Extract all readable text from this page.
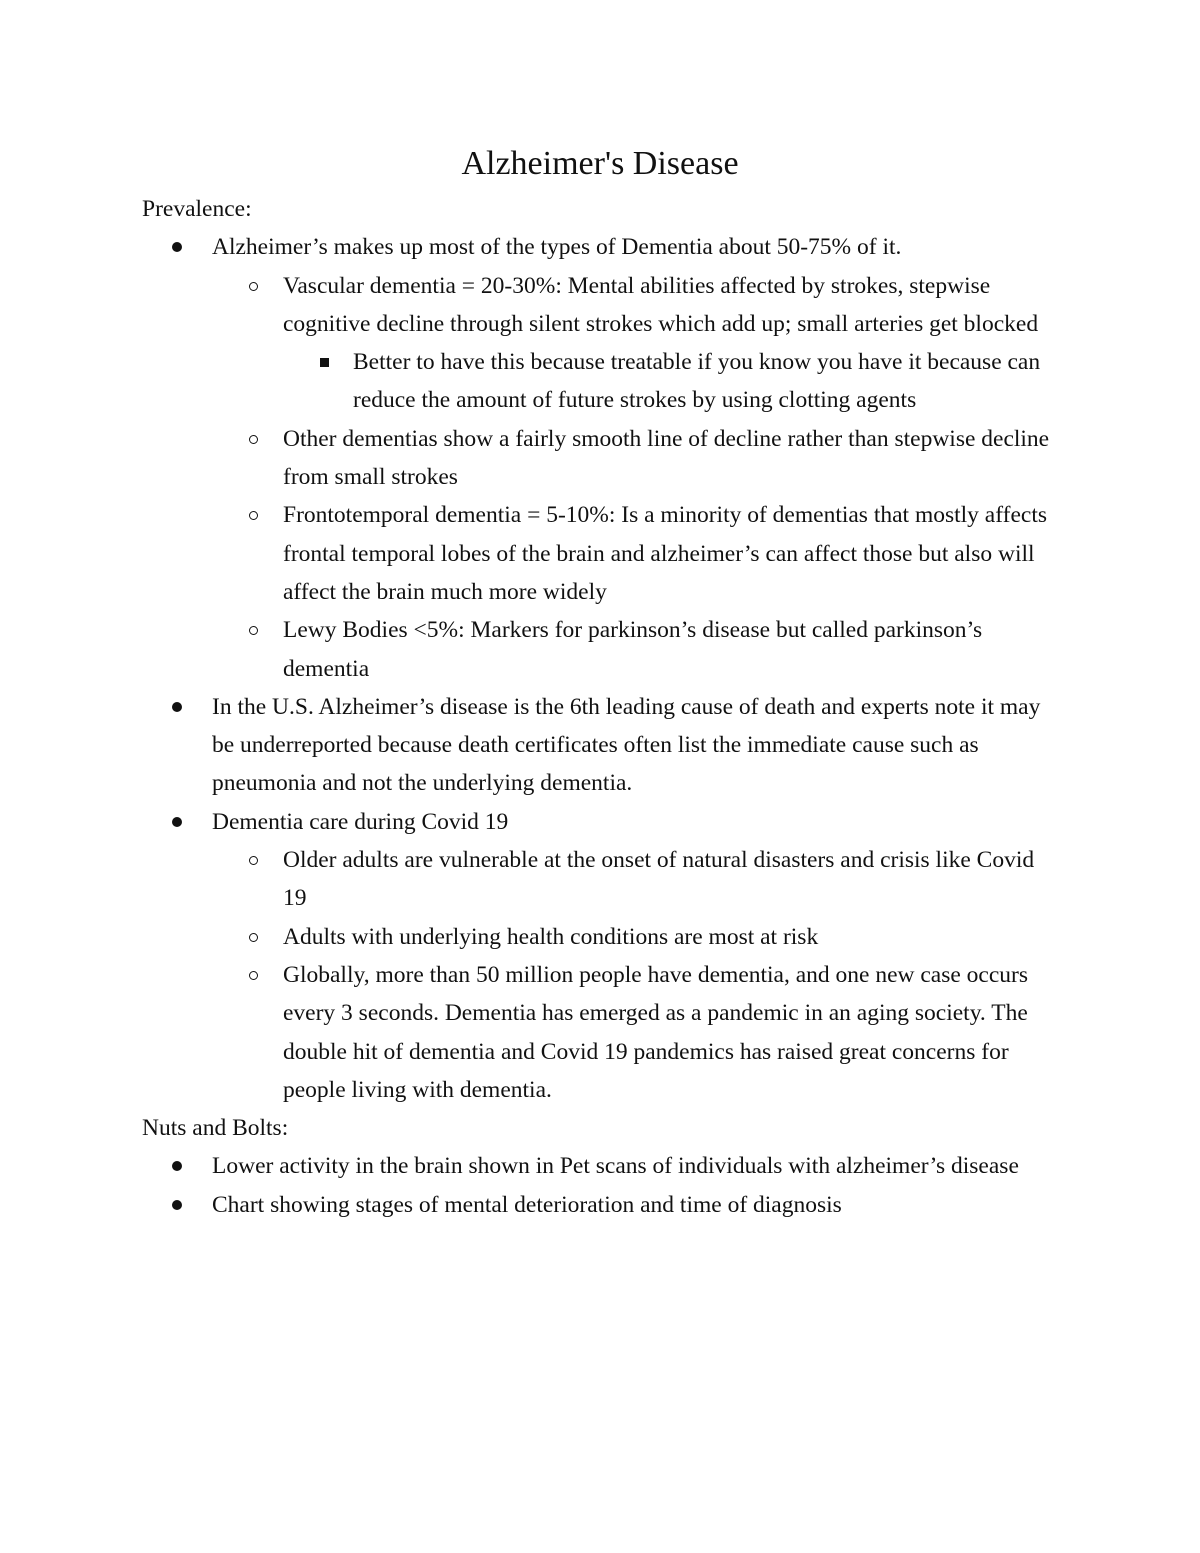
Alzheimer's Disease
Prevalence:
Alzheimer’s makes up most of the types of Dementia about 50-75% of it.
Vascular dementia = 20-30%: Mental abilities affected by strokes, stepwise cognitive decline through silent strokes which add up; small arteries get blocked
Better to have this because treatable if you know you have it because can reduce the amount of future strokes by using clotting agents
Other dementias show a fairly smooth line of decline rather than stepwise decline from small strokes
Frontotemporal dementia = 5-10%: Is a minority of dementias that mostly affects frontal temporal lobes of the brain and alzheimer’s can affect those but also will affect the brain much more widely
Lewy Bodies <5%: Markers for parkinson’s disease but called parkinson’s dementia
In the U.S. Alzheimer’s disease is the 6th leading cause of death and experts note it may be underreported because death certificates often list the immediate cause such as pneumonia and not the underlying dementia.
Dementia care during Covid 19
Older adults are vulnerable at the onset of natural disasters and crisis like Covid 19
Adults with underlying health conditions are most at risk
Globally, more than 50 million people have dementia, and one new case occurs every 3 seconds. Dementia has emerged as a pandemic in an aging society. The double hit of dementia and Covid 19 pandemics has raised great concerns for people living with dementia.
Nuts and Bolts:
Lower activity in the brain shown in Pet scans of individuals with alzheimer’s disease
Chart showing stages of mental deterioration and time of diagnosis
